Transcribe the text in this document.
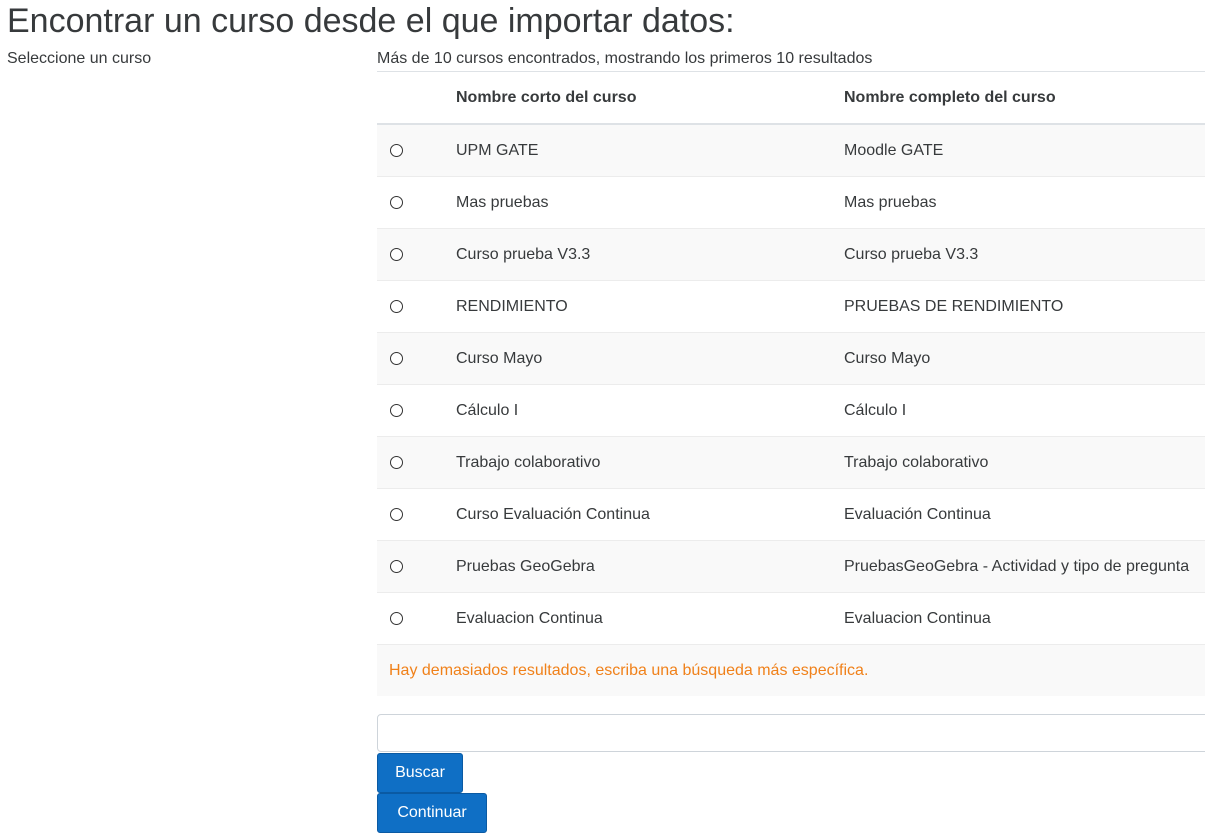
Encontrar un curso desde el que importar datos:
Seleccione un curso	Más de 10 cursos encontrados, mostrando los primeros 10 resultados
	Nombre corto del curso	Nombre completo del curso
	UPM GATE	Moodle GATE
	Mas pruebas	Mas pruebas
	Curso prueba V3.3	Curso prueba V3.3
	RENDIMIENTO	PRUEBAS DE RENDIMIENTO
	Curso Mayo	Curso Mayo
	Cálculo I	Cálculo I
	Trabajo colaborativo	Trabajo colaborativo
	Curso Evaluación Continua	Evaluación Continua
	Pruebas GeoGebra	PruebasGeoGebra - Actividad y tipo de pregunta
	Evaluacion Continua	Evaluacion Continua
Hay demasiados resultados, escriba una búsqueda más específica.
Buscar
Continuar
